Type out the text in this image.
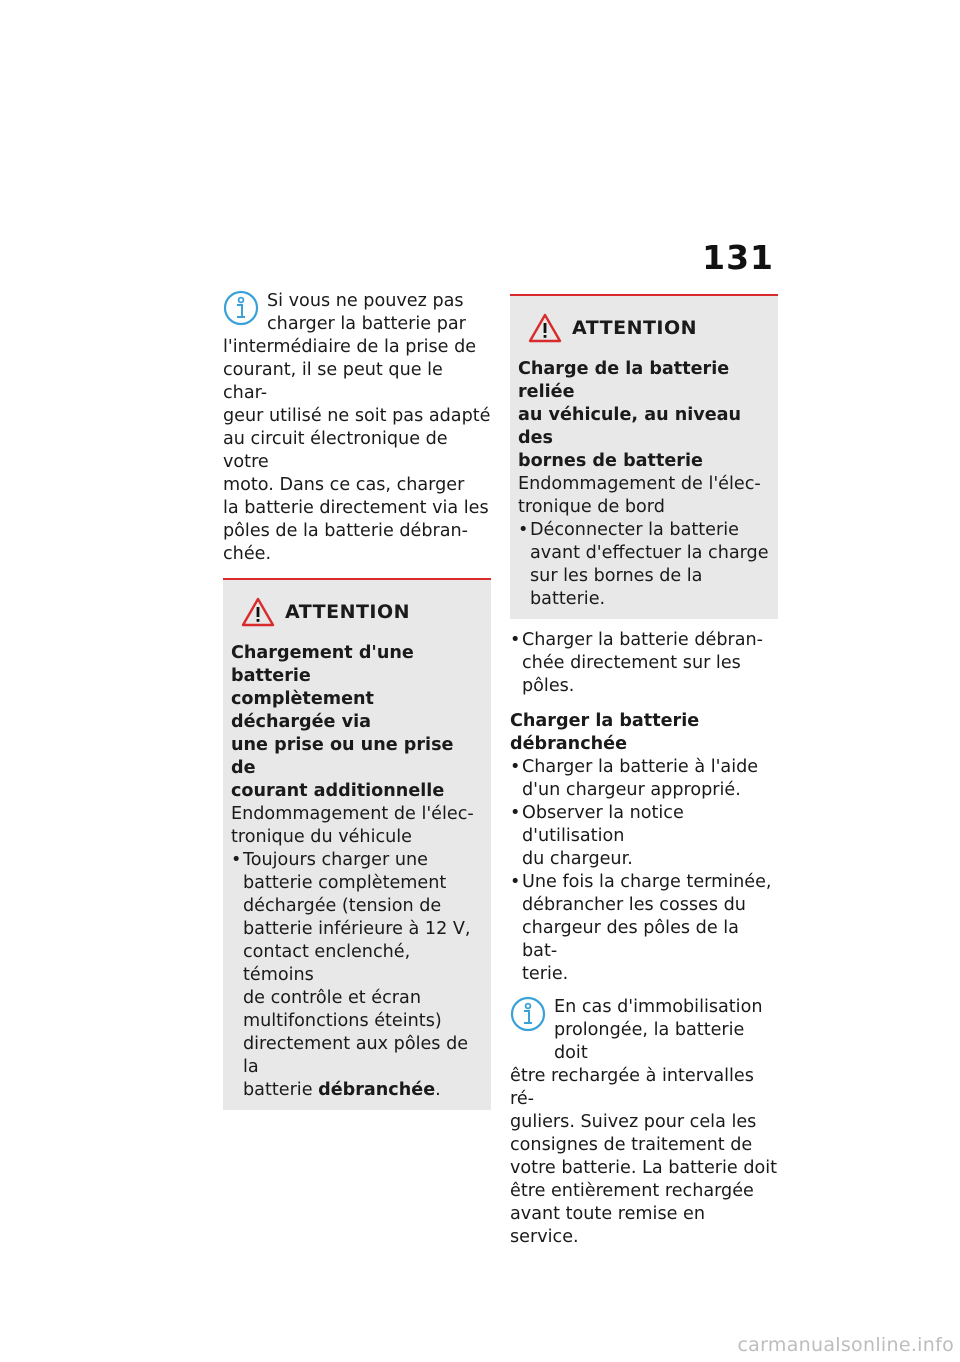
131
Si vous ne pouvez pas
charger la batterie par
l'intermédiaire de la prise de
courant, il se peut que le char-
geur utilisé ne soit pas adapté
au circuit électronique de votre
moto. Dans ce cas, charger
la batterie directement via les
pôles de la batterie débran-
chée.
ATTENTION
Chargement d'une batterie
complètement déchargée via
une prise ou une prise de
courant additionnelle
Endommagement de l'élec-
tronique du véhicule
• Toujours charger une
batterie complètement
déchargée (tension de
batterie inférieure à 12 V,
contact enclenché, témoins
de contrôle et écran
multifonctions éteints)
directement aux pôles de la
batterie débranchée.
ATTENTION
Charge de la batterie reliée
au véhicule, au niveau des
bornes de batterie
Endommagement de l'élec-
tronique de bord
• Déconnecter la batterie
avant d'effectuer la charge
sur les bornes de la batterie.
• Charger la batterie débran-
chée directement sur les
pôles.
Charger la batterie
débranchée
• Charger la batterie à l'aide
d'un chargeur approprié.
• Observer la notice d'utilisation
du chargeur.
• Une fois la charge terminée,
débrancher les cosses du
chargeur des pôles de la bat-
terie.
En cas d'immobilisation
prolongée, la batterie doit
être rechargée à intervalles ré-
guliers. Suivez pour cela les
consignes de traitement de
votre batterie. La batterie doit
être entièrement rechargée
avant toute remise en service.
carmanualsonline.info
